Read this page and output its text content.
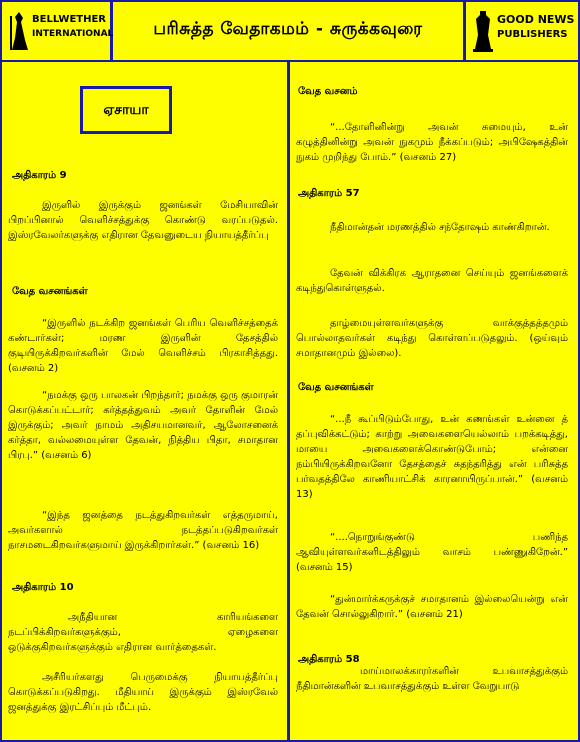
BELLWETHER
INTERNATIONAL	பரிசுத்த வேதாகமம் - சுருக்கவுரை	GOOD NEWS
PUBLISHERS
ஏசாயா
அதிகாரம் 9
இருளில் இருக்கும் ஜனங்கள் மேசியாவின் பிறப்பினால் வெளிச்சத்துக்கு கொண்டு வரப்படுதல். இஸ்ரவேலர்களுக்கு எதிரான தேவனுடைய நியாயத்தீர்ப்பு
வேத வசனங்கள்
“இருளில் நடக்கிற ஜனங்கள் பெரிய வெளிச்சத்தைக் கண்டார்கள்; மரண இருளின் தேசத்தில் குடியிருக்கிறவர்களின் மேல் வெளிச்சம் பிரகாசித்தது. (வசனம் 2)
“நமக்கு ஒரு பாலகன் பிறந்தார்; நமக்கு ஒரு குமாரன் கொடுக்கப்பட்டார்; கர்த்தத்துவம் அவர் தோளின் மேல் இருக்கும்; அவர் நாமம் அதிசயமானவர், ஆலோசனைக் கர்த்தா, வல்லமையுள்ள தேவன், நித்திய பிதா, சமாதான பிரபு.” (வசனம் 6)
“இந்த ஜனத்தை நடத்துகிறவர்கள் எத்தருமாய், அவர்களால் நடத்தப்படுகிறவர்கள் நாசமடைகிறவர்களுமாய் இருக்கிறார்கள்.” (வசனம் 16)
அதிகாரம் 10
அநீதியான காரியங்களை நடப்பிக்கிறவர்களுக்கும், ஏழைகளை ஒடுக்குகிறவர்களுக்கும் எதிரான வார்த்தைகள்.
அசீரியர்களது பெருமைக்கு நியாயத்தீர்ப்பு கொடுக்கப்படுகிறது. மீதியாய் இருக்கும் இஸ்ரவேல் ஜனத்துக்கு இரட்சிப்பும் மீட்பும்.
வேத வசனம்
“...தோளினின்று அவன் சுமையும், உன் கழுத்தினின்று அவன் நுகமும் நீக்கப்படும்; அபிஷேகத்தின் நுகம் முறிந்து போம்.” (வசனம் 27)
அதிகாரம் 57
நீதிமான்தன் மரணத்தில் சந்தோஷம் காண்கிறான்.
தேவன் விக்கிரக ஆராதனை செய்யும் ஜனங்களைக் கடிந்துகொள்ளுதல்.
தாழ்மையுள்ளவர்களுக்கு வாக்குத்தத்தமும் பொல்லாதவர்கள் கடிந்து கொள்ளப்படுதலும். (ஒய்வும் சமாதானமும் இல்லை).
வேத வசனங்கள்
“...நீ கூப்பிடும்போது, உன் கணங்கள் உன்னை த் தப்புவிக்கட்டும்; காற்று அவைகளையெல்லாம் பறக்கடித்து, மாயை அவைகளைக்கொண்டுபோம்; என்னை நம்பியிருக்கிறவனோ தேசத்தைச் சுதந்தரித்து என் பரிசுத்த பர்வதத்திலே காணியாட்சிக் காரனாயிருப்பான்.” (வசனம் 13)
“....நொறுங்குண்டு பணிந்த ஆவியுள்ளவர்களிடத்திலும் வாசம் பண்ணுகிறேன்.” (வசனம் 15)
“துன்மார்க்கருக்குச் சமாதானம் இல்லையென்று என் தேவன் சொல்லுகிறார்.” (வசனம் 21)
அதிகாரம் 58
மாய்மாலக்காரர்களின் உபவாசத்துக்கும் நீதிமான்களின் உபவாசத்துக்கும் உள்ள வேறுபாடு
